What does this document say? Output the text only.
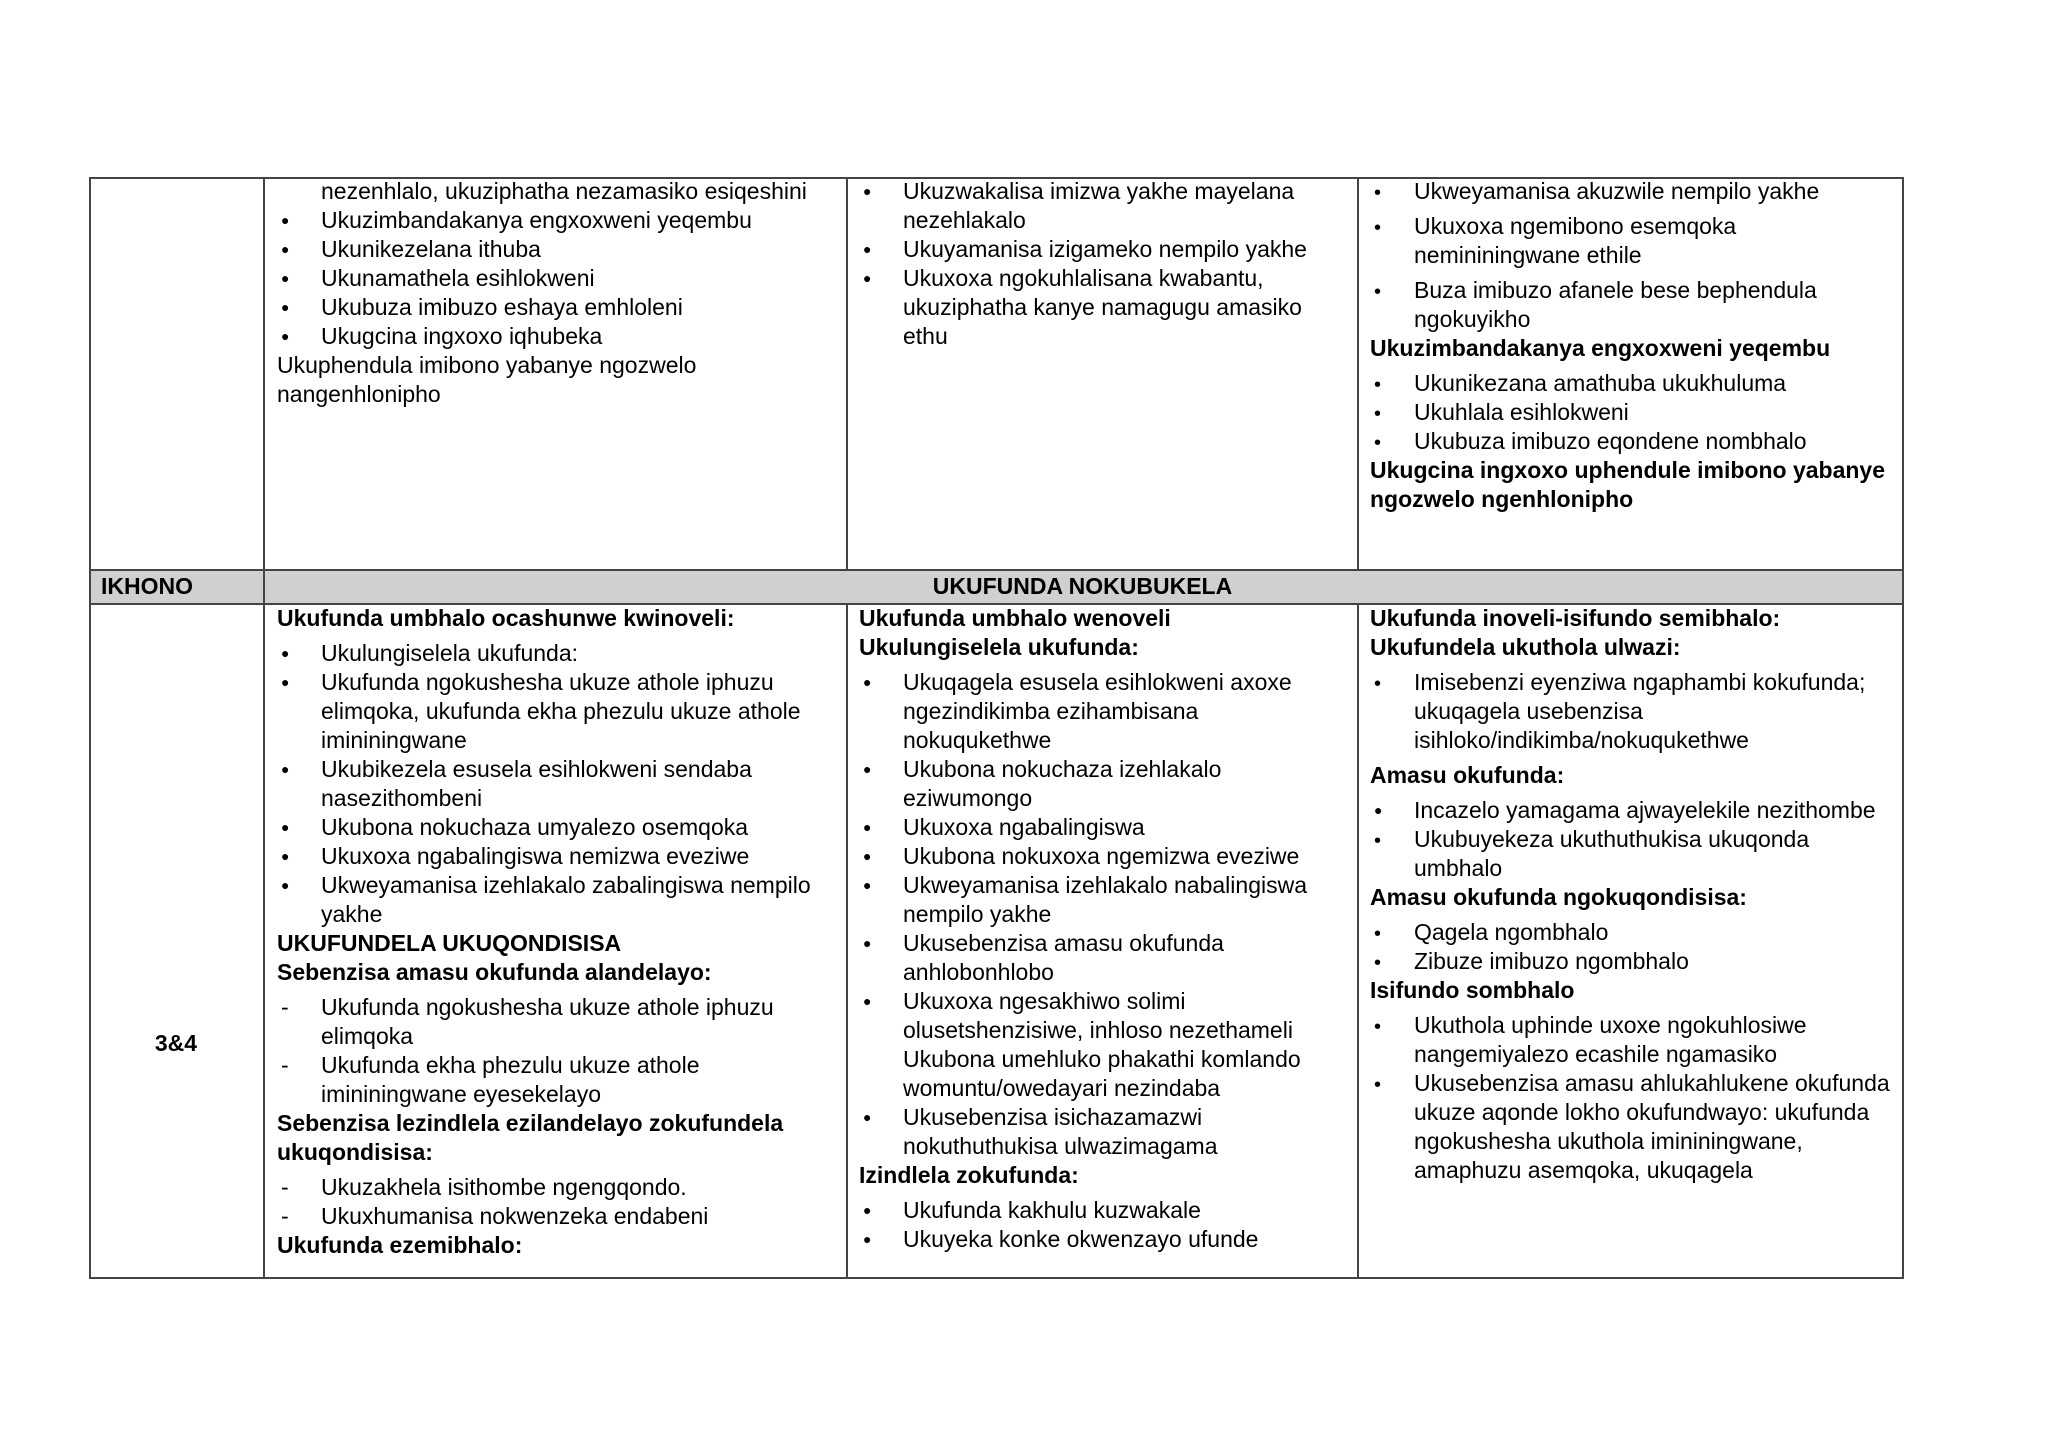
IKHONO	UKUFUNDA NOKUBUKELA
3&4
nezenhlalo, ukuziphatha nezamasiko esiqeshini
●
Ukuzimbandakanya engxoxweni yeqembu
●
Ukunikezelana ithuba
●
Ukunamathela esihlokweni
●
Ukubuza imibuzo eshaya emhloleni
●
Ukugcina ingxoxo iqhubeka
Ukuphendula imibono yabanye ngozwelo nangenhlonipho
●
Ukuzwakalisa imizwa yakhe mayelana nezehlakalo
●
Ukuyamanisa izigameko nempilo yakhe
●
Ukuxoxa ngokuhlalisana kwabantu, ukuziphatha kanye namagugu amasiko ethu
•
Ukweyamanisa akuzwile nempilo yakhe
•
Ukuxoxa ngemibono esemqoka nemininingwane ethile
•
Buza imibuzo afanele bese bephendula ngokuyikho
Ukuzimbandakanya engxoxweni yeqembu
•
Ukunikezana amathuba ukukhuluma
•
Ukuhlala esihlokweni
•
Ukubuza imibuzo eqondene nombhalo
Ukugcina ingxoxo uphendule imibono yabanye ngozwelo ngenhlonipho
Ukufunda umbhalo ocashunwe kwinoveli:
●
Ukulungiselela ukufunda:
●
Ukufunda ngokushesha ukuze athole iphuzu elimqoka, ukufunda ekha phezulu ukuze athole imininingwane
●
Ukubikezela esusela esihlokweni sendaba nasezithombeni
●
Ukubona nokuchaza umyalezo osemqoka
●
Ukuxoxa ngabalingiswa nemizwa eveziwe
●
Ukweyamanisa izehlakalo zabalingiswa nempilo yakhe
UKUFUNDELA UKUQONDISISA
Sebenzisa amasu okufunda alandelayo:
-
Ukufunda ngokushesha ukuze athole iphuzu elimqoka
-
Ukufunda ekha phezulu ukuze athole imininingwane eyesekelayo
Sebenzisa lezindlela ezilandelayo zokufundela ukuqondisisa:
-
Ukuzakhela isithombe ngengqondo.
-
Ukuxhumanisa nokwenzeka endabeni
Ukufunda ezemibhalo:
Ukufunda umbhalo wenoveli
Ukulungiselela ukufunda:
●
Ukuqagela esusela esihlokweni axoxe ngezindikimba ezihambisana nokuqukethwe
●
Ukubona nokuchaza izehlakalo eziwumongo
●
Ukuxoxa ngabalingiswa
●
Ukubona nokuxoxa ngemizwa eveziwe
●
Ukweyamanisa izehlakalo nabalingiswa nempilo yakhe
●
Ukusebenzisa amasu okufunda anhlobonhlobo
●
Ukuxoxa ngesakhiwo solimi olusetshenzisiwe, inhloso nezethameli Ukubona umehluko phakathi komlando womuntu/owedayari nezindaba
●
Ukusebenzisa isichazamazwi nokuthuthukisa ulwazimagama
Izindlela zokufunda:
●
Ukufunda kakhulu kuzwakale
●
Ukuyeka konke okwenzayo ufunde
Ukufunda inoveli-isifundo semibhalo:
Ukufundela ukuthola ulwazi:
•
Imisebenzi eyenziwa ngaphambi kokufunda; ukuqagela usebenzisa isihloko/indikimba/nokuqukethwe
Amasu okufunda:
●
Incazelo yamagama ajwayelekile nezithombe
•
Ukubuyekeza ukuthuthukisa ukuqonda umbhalo
Amasu okufunda ngokuqondisisa:
•
Qagela ngombhalo
•
Zibuze imibuzo ngombhalo
Isifundo sombhalo
•
Ukuthola uphinde uxoxe ngokuhlosiwe nangemiyalezo ecashile ngamasiko
•
Ukusebenzisa amasu ahlukahlukene okufunda ukuze aqonde lokho okufundwayo: ukufunda ngokushesha ukuthola imininingwane, amaphuzu asemqoka, ukuqagela
